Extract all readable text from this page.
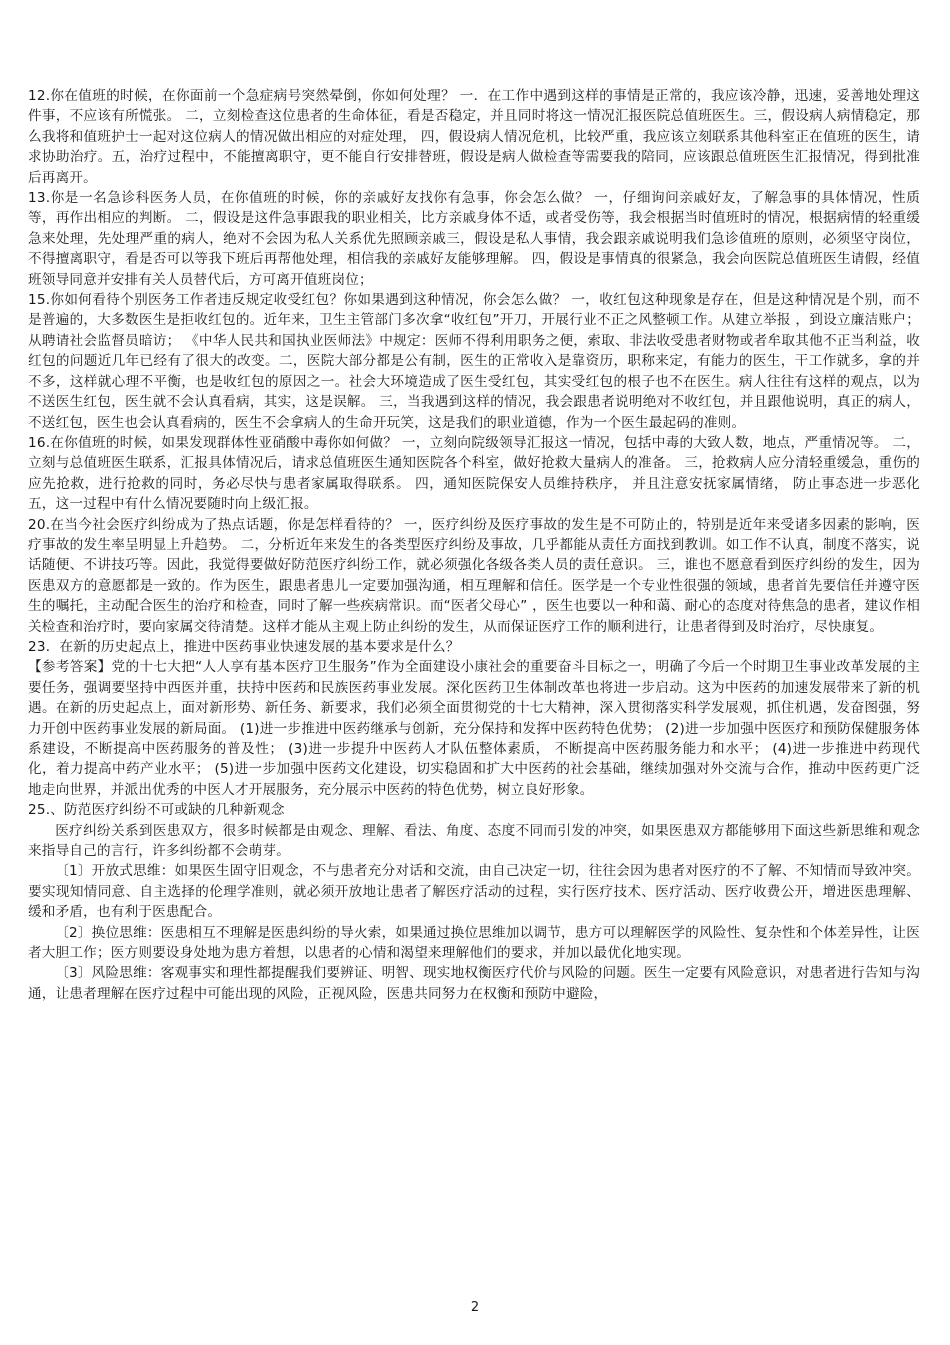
12.你在值班的时候，在你面前一个急症病号突然晕倒，你如何处理？ 一．在工作中遇到这样的事情是正常的，我应该冷静，迅速，妥善地处理这件事，不应该有所慌张。 二，立刻检查这位患者的生命体征，看是否稳定，并且同时将这一情况汇报医院总值班医生。三，假设病人病情稳定，那么我将和值班护士一起对这位病人的情况做出相应的对症处理， 四，假设病人情况危机，比较严重，我应该立刻联系其他科室正在值班的医生，请求协助治疗。五，治疗过程中，不能擅离职守，更不能自行安排替班，假设是病人做检查等需要我的陪同，应该跟总值班医生汇报情况，得到批准后再离开。

13.你是一名急诊科医务人员，在你值班的时候，你的亲戚好友找你有急事，你会怎么做？ 一，仔细询问亲戚好友，了解急事的具体情况，性质等，再作出相应的判断。 二，假设是这件急事跟我的职业相关，比方亲戚身体不适，或者受伤等，我会根据当时值班时的情况，根据病情的轻重缓急来处理，先处理严重的病人，绝对不会因为私人关系优先照顾亲戚三，假设是私人事情，我会跟亲戚说明我们急诊值班的原则，必须坚守岗位，不得擅离职守，看是否可以等我下班后再帮他处理，相信我的亲戚好友能够理解。 四，假设是事情真的很紧急，我会向医院总值班医生请假，经值班领导同意并安排有关人员替代后，方可离开值班岗位；

15.你如何看待个别医务工作者违反规定收受红包？你如果遇到这种情况，你会怎么做？ 一，收红包这种现象是存在，但是这种情况是个别，而不是普遍的，大多数医生是拒收红包的。近年来，卫生主管部门多次拿“收红包”开刀，开展行业不正之风整顿工作。从建立举报 ，到设立廉洁账户；从聘请社会监督员暗访； 《中华人民共和国执业医师法》中规定：医师不得利用职务之便，索取、非法收受患者财物或者牟取其他不正当利益，收红包的问题近几年已经有了很大的改变。二，医院大部分都是公有制，医生的正常收入是靠资历，职称来定，有能力的医生，干工作就多，拿的并不多，这样就心理不平衡，也是收红包的原因之一。社会大环境造成了医生受红包，其实受红包的根子也不在医生。病人往往有这样的观点，以为不送医生红包，医生就不会认真看病，其实，这是误解。 三，当我遇到这样的情况，我会跟患者说明绝对不收红包，并且跟他说明，真正的病人，不送红包，医生也会认真看病的，医生不会拿病人的生命开玩笑，这是我们的职业道德，作为一个医生最起码的准则。

16.在你值班的时候，如果发现群体性亚硝酸中毒你如何做？ 一，立刻向院级领导汇报这一情况，包括中毒的大致人数，地点，严重情况等。 二，立刻与总值班医生联系，汇报具体情况后，请求总值班医生通知医院各个科室，做好抢救大量病人的准备。 三，抢救病人应分清轻重缓急，重伤的应先抢救，进行抢救的同时，务必尽快与患者家属取得联系。 四，通知医院保安人员维持秩序， 并且注意安抚家属情绪， 防止事态进一步恶化 五，这一过程中有什么情况要随时向上级汇报。

20.在当今社会医疗纠纷成为了热点话题，你是怎样看待的？ 一，医疗纠纷及医疗事故的发生是不可防止的，特别是近年来受诸多因素的影响，医疗事故的发生率呈明显上升趋势。 二，分析近年来发生的各类型医疗纠纷及事故，几乎都能从责任方面找到教训。如工作不认真，制度不落实，说话随便、不讲技巧等。因此，我觉得要做好防范医疗纠纷工作，就必须强化各级各类人员的责任意识。 三，谁也不愿意看到医疗纠纷的发生，因为医患双方的意愿都是一致的。作为医生，跟患者患儿一定要加强沟通，相互理解和信任。医学是一个专业性很强的领域，患者首先要信任并遵守医生的嘱托，主动配合医生的治疗和检查，同时了解一些疾病常识。而“医者父母心” ，医生也要以一种和蔼、耐心的态度对待焦急的患者，建议作相关检查和治疗时，要向家属交待清楚。这样才能从主观上防止纠纷的发生，从而保证医疗工作的顺利进行，让患者得到及时治疗，尽快康复。

23．在新的历史起点上，推进中医药事业快速发展的基本要求是什么？

【参考答案】党的十七大把“人人享有基本医疗卫生服务”作为全面建设小康社会的重要奋斗目标之一，明确了今后一个时期卫生事业改革发展的主要任务，强调要坚持中西医并重，扶持中医药和民族医药事业发展。深化医药卫生体制改革也将进一步启动。这为中医药的加速发展带来了新的机遇。在新的历史起点上，面对新形势、新任务、新要求，我们必须全面贯彻党的十七大精神，深入贯彻落实科学发展观，抓住机遇，发奋图强，努力开创中医药事业发展的新局面。 (1)进一步推进中医药继承与创新，充分保持和发挥中医药特色优势； (2)进一步加强中医医疗和预防保健服务体系建设，不断提高中医药服务的普及性； (3)进一步提升中医药人才队伍整体素质， 不断提高中医药服务能力和水平； (4)进一步推进中药现代化，着力提高中药产业水平； (5)进一步加强中医药文化建设，切实稳固和扩大中医药的社会基础，继续加强对外交流与合作，推动中医药更广泛地走向世界，并派出优秀的中医人才开展服务，充分展示中医药的特色优势，树立良好形象。

25.、防范医疗纠纷不可或缺的几种新观念

医疗纠纷关系到医患双方，很多时候都是由观念、理解、看法、角度、态度不同而引发的冲突，如果医患双方都能够用下面这些新思维和观念来指导自己的言行，许多纠纷都不会萌芽。

〔1〕开放式思维：如果医生固守旧观念，不与患者充分对话和交流，由自己决定一切，往往会因为患者对医疗的不了解、不知情而导致冲突。要实现知情同意、自主选择的伦理学准则，就必须开放地让患者了解医疗活动的过程，实行医疗技术、医疗活动、医疗收费公开，增进医患理解、缓和矛盾，也有利于医患配合。

〔2〕换位思维：医患相互不理解是医患纠纷的导火索，如果通过换位思维加以调节，患方可以理解医学的风险性、复杂性和个体差异性，让医者大胆工作；医方则要设身处地为患方着想，以患者的心情和渴望来理解他们的要求，并加以最优化地实现。

〔3〕风险思维：客观事实和理性都提醒我们要辨证、明智、现实地权衡医疗代价与风险的问题。医生一定要有风险意识，对患者进行告知与沟通，让患者理解在医疗过程中可能出现的风险，正视风险，医患共同努力在权衡和预防中避险，

2
